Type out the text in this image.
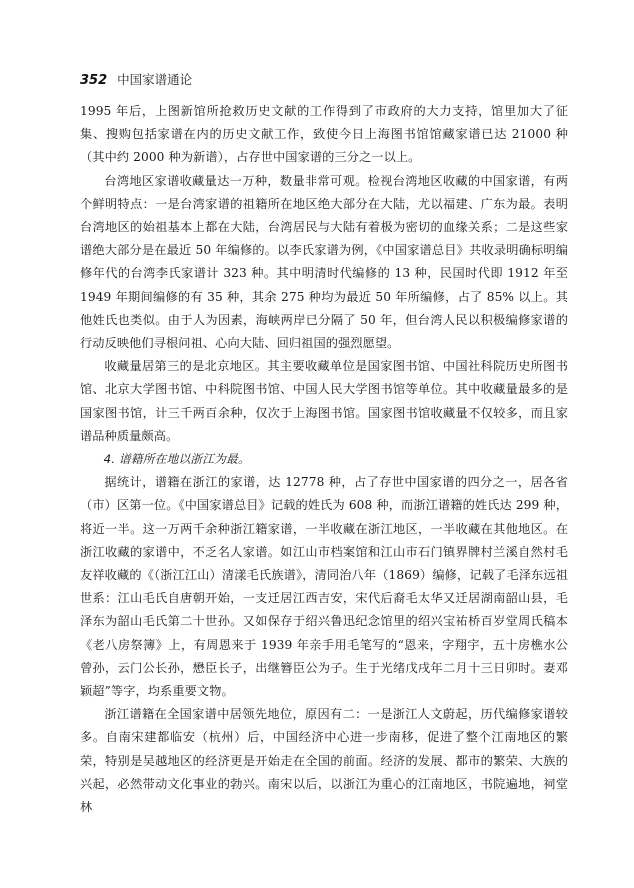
352 中国家谱通论

1995 年后，上图新馆所抢救历史文献的工作得到了市政府的大力支持，馆里加大了征集、搜购包括家谱在内的历史文献工作，致使今日上海图书馆馆藏家谱已达 21000 种（其中约 2000 种为新谱），占存世中国家谱的三分之一以上。

台湾地区家谱收藏量达一万种，数量非常可观。检视台湾地区收藏的中国家谱，有两个鲜明特点：一是台湾家谱的祖籍所在地区绝大部分在大陆，尤以福建、广东为最。表明台湾地区的始祖基本上都在大陆，台湾居民与大陆有着极为密切的血缘关系；二是这些家谱绝大部分是在最近 50 年编修的。以李氏家谱为例，《中国家谱总目》共收录明确标明编修年代的台湾李氏家谱计 323 种。其中明清时代编修的 13 种，民国时代即 1912 年至 1949 年期间编修的有 35 种，其余 275 种均为最近 50 年所编修，占了 85% 以上。其他姓氏也类似。由于人为因素，海峡两岸已分隔了 50 年，但台湾人民以积极编修家谱的行动反映他们寻根问祖、心向大陆、回归祖国的强烈愿望。

收藏量居第三的是北京地区。其主要收藏单位是国家图书馆、中国社科院历史所图书馆、北京大学图书馆、中科院图书馆、中国人民大学图书馆等单位。其中收藏量最多的是国家图书馆，计三千两百余种，仅次于上海图书馆。国家图书馆收藏量不仅较多，而且家谱品种质量颇高。

4. 谱籍所在地以浙江为最。

据统计，谱籍在浙江的家谱，达 12778 种，占了存世中国家谱的四分之一，居各省（市）区第一位。《中国家谱总目》记载的姓氏为 608 种，而浙江谱籍的姓氏达 299 种，将近一半。这一万两千余种浙江籍家谱，一半收藏在浙江地区，一半收藏在其他地区。在浙江收藏的家谱中，不乏名人家谱。如江山市档案馆和江山市石门镇界牌村兰溪自然村毛友祥收藏的《（浙江江山）清漾毛氏族谱》，清同治八年（1869）编修，记载了毛泽东远祖世系：江山毛氏自唐朝开始，一支迁居江西吉安，宋代后裔毛太华又迁居湖南韶山县，毛泽东为韶山毛氏第二十世孙。又如保存于绍兴鲁迅纪念馆里的绍兴宝祐桥百岁堂周氏稿本《老八房祭簿》上，有周恩来于 1939 年亲手用毛笔写的“恩来，字翔宇，五十房樵水公曾孙，云门公长孙，懋臣长子，出继簪臣公为子。生于光绪戊戌年二月十三日卯时。妻邓颖超”等字，均系重要文物。

浙江谱籍在全国家谱中居领先地位，原因有二：一是浙江人文蔚起，历代编修家谱较多。自南宋建都临安（杭州）后，中国经济中心进一步南移，促进了整个江南地区的繁荣，特别是吴越地区的经济更是开始走在全国的前面。经济的发展、都市的繁荣、大族的兴起，必然带动文化事业的勃兴。南宋以后，以浙江为重心的江南地区，书院遍地，祠堂林
